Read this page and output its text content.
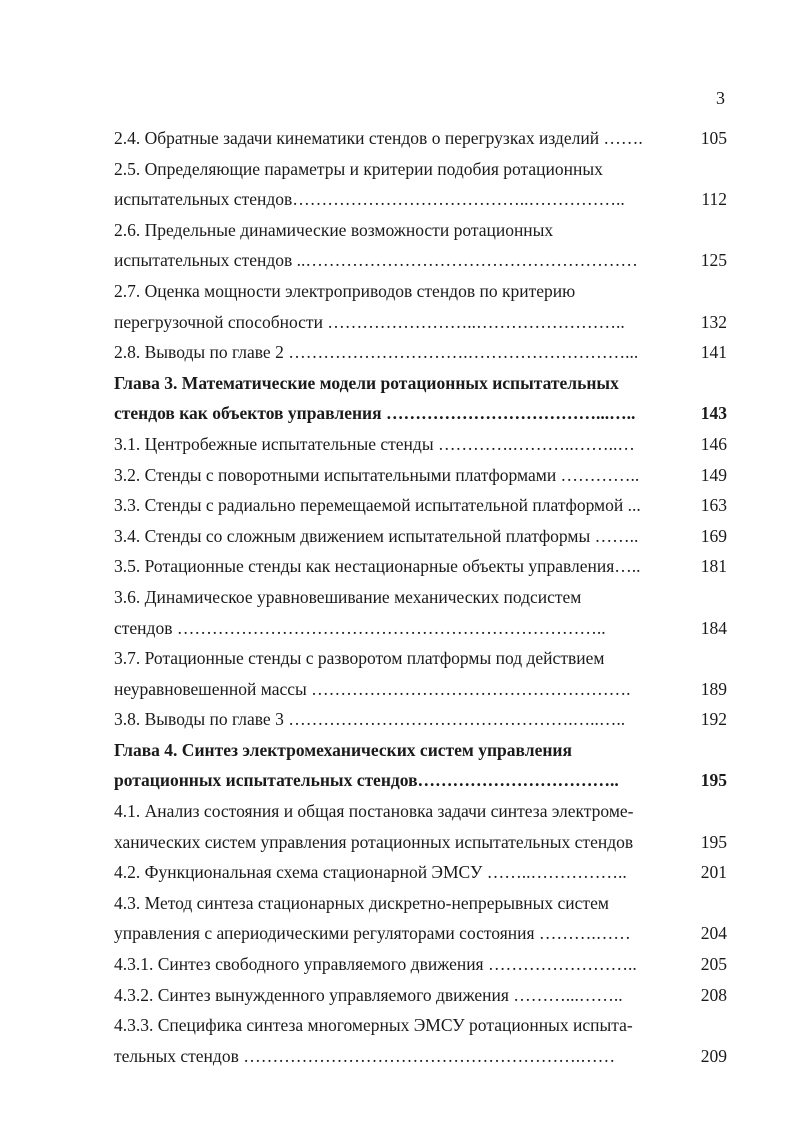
3
2.4. Обратные задачи кинематики стендов о перегрузках изделий …….	105
2.5. Определяющие параметры и критерии подобия ротационных
испытательных стендов…………………………………..……………..	112
2.6. Предельные динамические возможности ротационных
испытательных стендов ..…………………………………………………	125
2.7. Оценка мощности электроприводов стендов по критерию
перегрузочной способности ……………………..……………………..	132
2.8. Выводы по главе 2 ………………………….………………………...	141
Глава 3. Математические модели ротационных испытательных
стендов как объектов управления ………………………………...…..	143
3.1. Центробежные испытательные стенды ………….………..……..…	146
3.2. Стенды с поворотными испытательными платформами …………..	149
3.3. Стенды с радиально перемещаемой испытательной платформой ...	163
3.4. Стенды со сложным движением испытательной платформы ……..	169
3.5. Ротационные стенды как нестационарные объекты управления…..	181
3.6. Динамическое уравновешивание механических подсистем
стендов ………………………………………………………………..	184
3.7. Ротационные стенды с разворотом платформы под действием
неуравновешенной массы ……………………………………………….	189
3.8. Выводы по главе 3 ………………………………………….…..…..	192
Глава 4. Синтез электромеханических систем управления
ротационных испытательных стендов……………………………..	195
4.1. Анализ состояния и общая постановка задачи синтеза электроме-
ханических систем управления ротационных испытательных стендов	195
4.2. Функциональная схема стационарной ЭМСУ ……..……………..	201
4.3. Метод синтеза стационарных дискретно-непрерывных систем
управления с апериодическими регуляторами состояния ……….……	204
4.3.1. Синтез свободного управляемого движения ……………………..	205
4.3.2. Синтез вынужденного управляемого движения ………...……..	208
4.3.3. Специфика синтеза многомерных ЭМСУ ротационных испыта-
тельных стендов ………………………………………………….……	209
